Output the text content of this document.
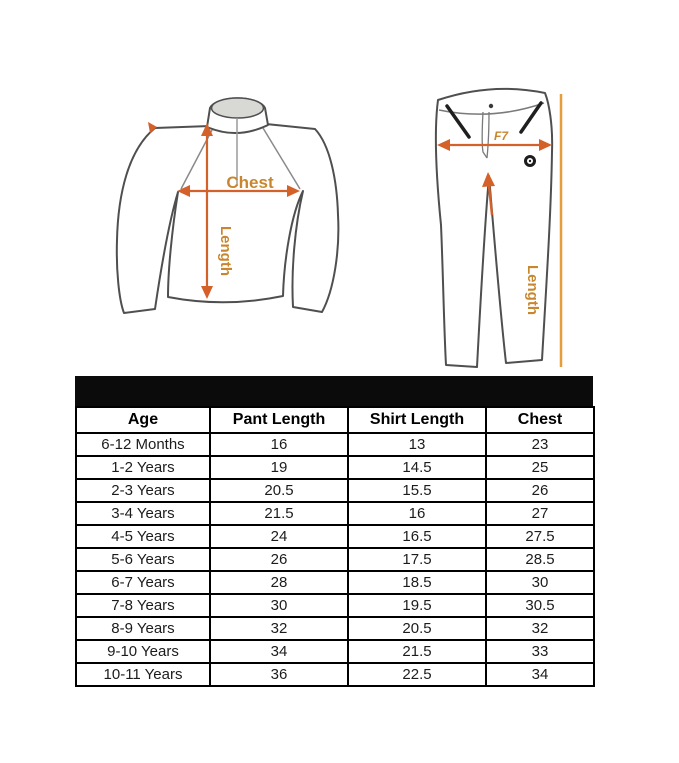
Chest
Length
F7
Length
Age	Pant Length	Shirt Length	Chest
6-12 Months	16	13	23
1-2 Years	19	14.5	25
2-3 Years	20.5	15.5	26
3-4 Years	21.5	16	27
4-5 Years	24	16.5	27.5
5-6 Years	26	17.5	28.5
6-7 Years	28	18.5	30
7-8 Years	30	19.5	30.5
8-9 Years	32	20.5	32
9-10 Years	34	21.5	33
10-11 Years	36	22.5	34
